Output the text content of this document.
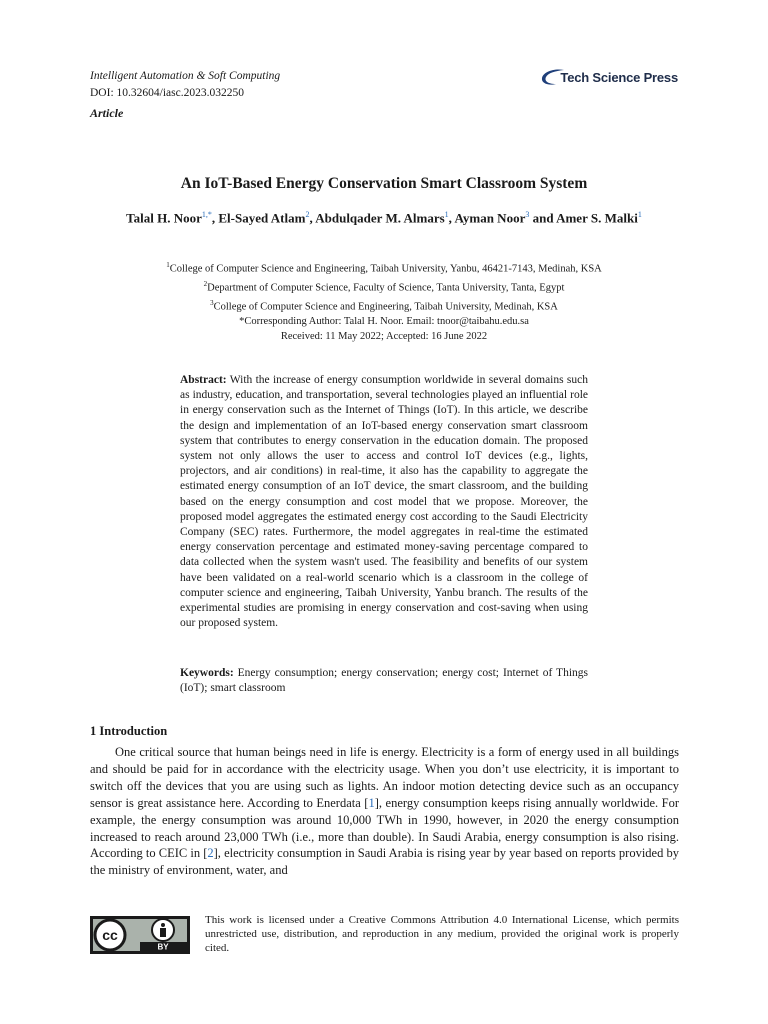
Intelligent Automation & Soft Computing
DOI: 10.32604/iasc.2023.032250
Article
Tech Science Press
An IoT-Based Energy Conservation Smart Classroom System
Talal H. Noor$^{1,*}$, El-Sayed Atlam$^2$, Abdulqader M. Almars$^1$, Ayman Noor$^3$ and Amer S. Malki$^1$
$^1$College of Computer Science and Engineering, Taibah University, Yanbu, 46421-7143, Medinah, KSA
$^2$Department of Computer Science, Faculty of Science, Tanta University, Tanta, Egypt
$^3$College of Computer Science and Engineering, Taibah University, Medinah, KSA
*Corresponding Author: Talal H. Noor. Email: tnoor@taibahu.edu.sa
Received: 11 May 2022; Accepted: 16 June 2022
Abstract: With the increase of energy consumption worldwide in several domains such as industry, education, and transportation, several technologies played an influential role in energy conservation such as the Internet of Things (IoT). In this article, we describe the design and implementation of an IoT-based energy conservation smart classroom system that contributes to energy conservation in the education domain. The proposed system not only allows the user to access and control IoT devices (e.g., lights, projectors, and air conditions) in real-time, it also has the capability to aggregate the estimated energy consumption of an IoT device, the smart classroom, and the building based on the energy consumption and cost model that we propose. Moreover, the proposed model aggregates the estimated energy cost according to the Saudi Electricity Company (SEC) rates. Furthermore, the model aggregates in real-time the estimated energy conservation percentage and estimated money-saving percentage compared to data collected when the system wasn't used. The feasibility and benefits of our system have been validated on a real-world scenario which is a classroom in the college of computer science and engineering, Taibah University, Yanbu branch. The results of the experimental studies are promising in energy conservation and cost-saving when using our proposed system.
Keywords: Energy consumption; energy conservation; energy cost; Internet of Things (IoT); smart classroom
1 Introduction
One critical source that human beings need in life is energy. Electricity is a form of energy used in all buildings and should be paid for in accordance with the electricity usage. When you don’t use electricity, it is important to switch off the devices that you are using such as lights. An indoor motion detecting device such as an occupancy sensor is great assistance here. According to Enerdata [1], energy consumption keeps rising annually worldwide. For example, the energy consumption was around 10,000 TWh in 1990, however, in 2020 the energy consumption increased to reach around 23,000 TWh (i.e., more than double). In Saudi Arabia, energy consumption is also rising. According to CEIC in [2], electricity consumption in Saudi Arabia is rising year by year based on reports provided by the ministry of environment, water, and
cc
BY
This work is licensed under a Creative Commons Attribution 4.0 International License, which permits unrestricted use, distribution, and reproduction in any medium, provided the original work is properly cited.
